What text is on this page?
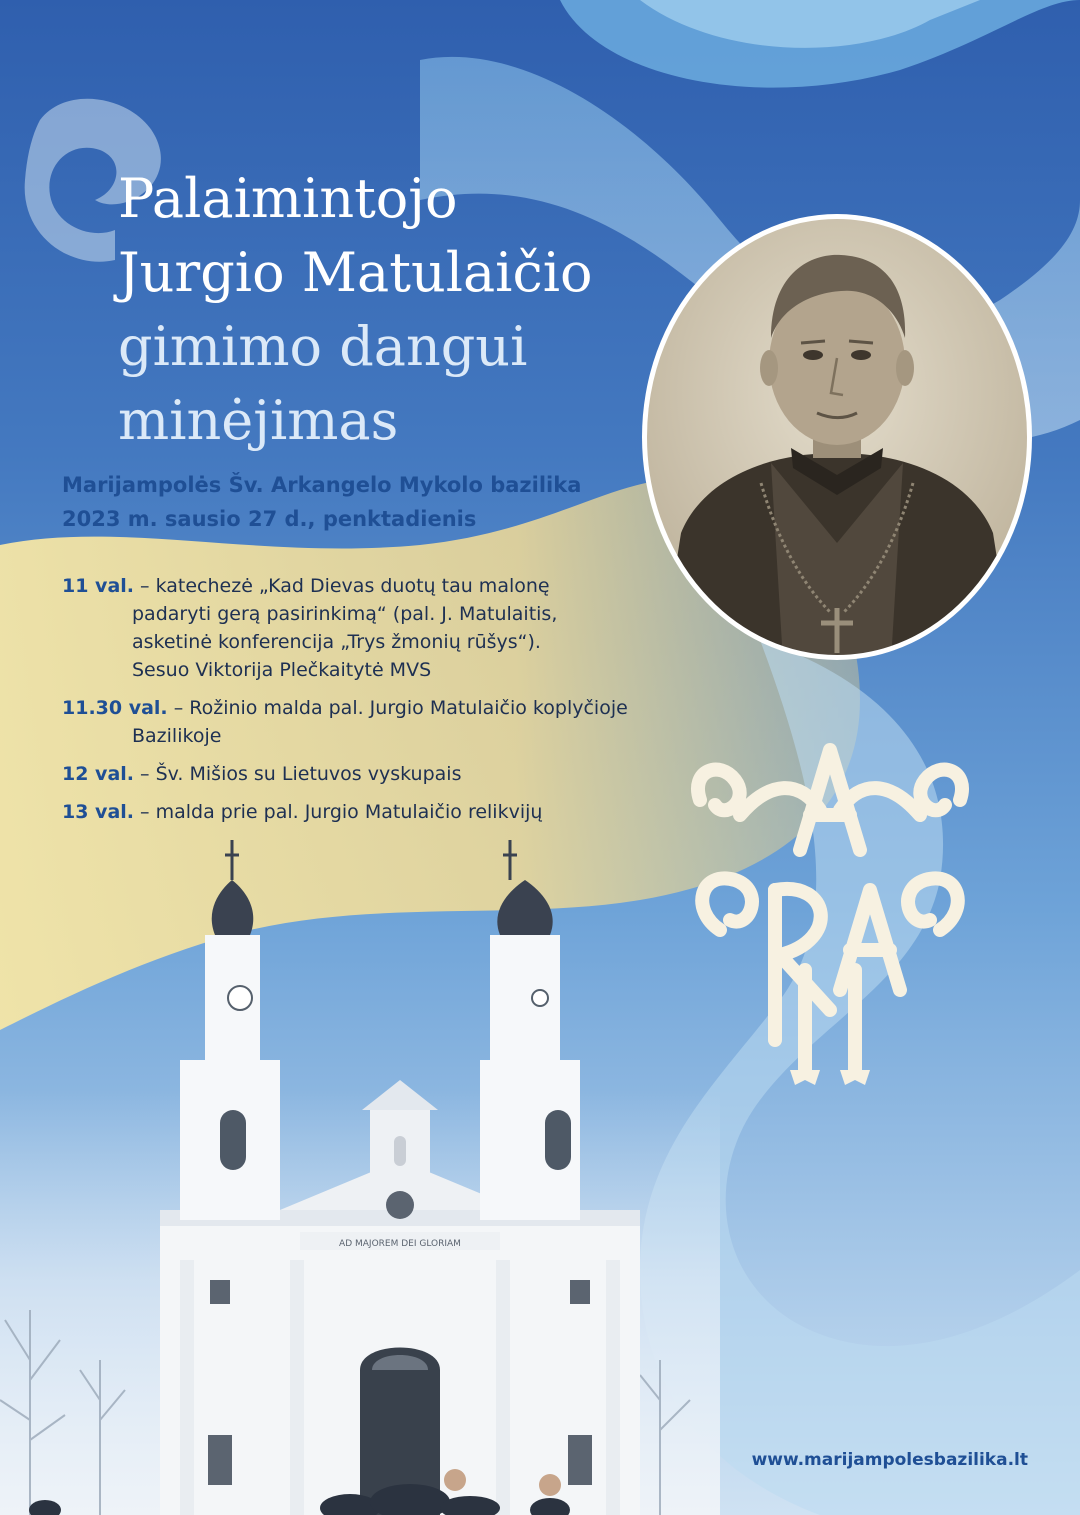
Palaimintojo
Jurgio Matulaičio
gimimo dangui
minėjimas
Marijampolės Šv. Arkangelo Mykolo bazilika
2023 m. sausio 27 d., penktadienis
11 val. – katechezė „Kad Dievas duotų tau malonę
padaryti gerą pasirinkimą“ (pal. J. Matulaitis,
asketinė konferencija „Trys žmonių rūšys“).
Sesuo Viktorija Plečkaitytė MVS
11.30 val. – Rožinio malda pal. Jurgio Matulaičio koplyčioje
Bazilikoje
12 val. – Šv. Mišios su Lietuvos vyskupais
13 val. – malda prie pal. Jurgio Matulaičio relikvijų
AD MAJOREM DEI GLORIAM
www.marijampolesbazilika.lt
